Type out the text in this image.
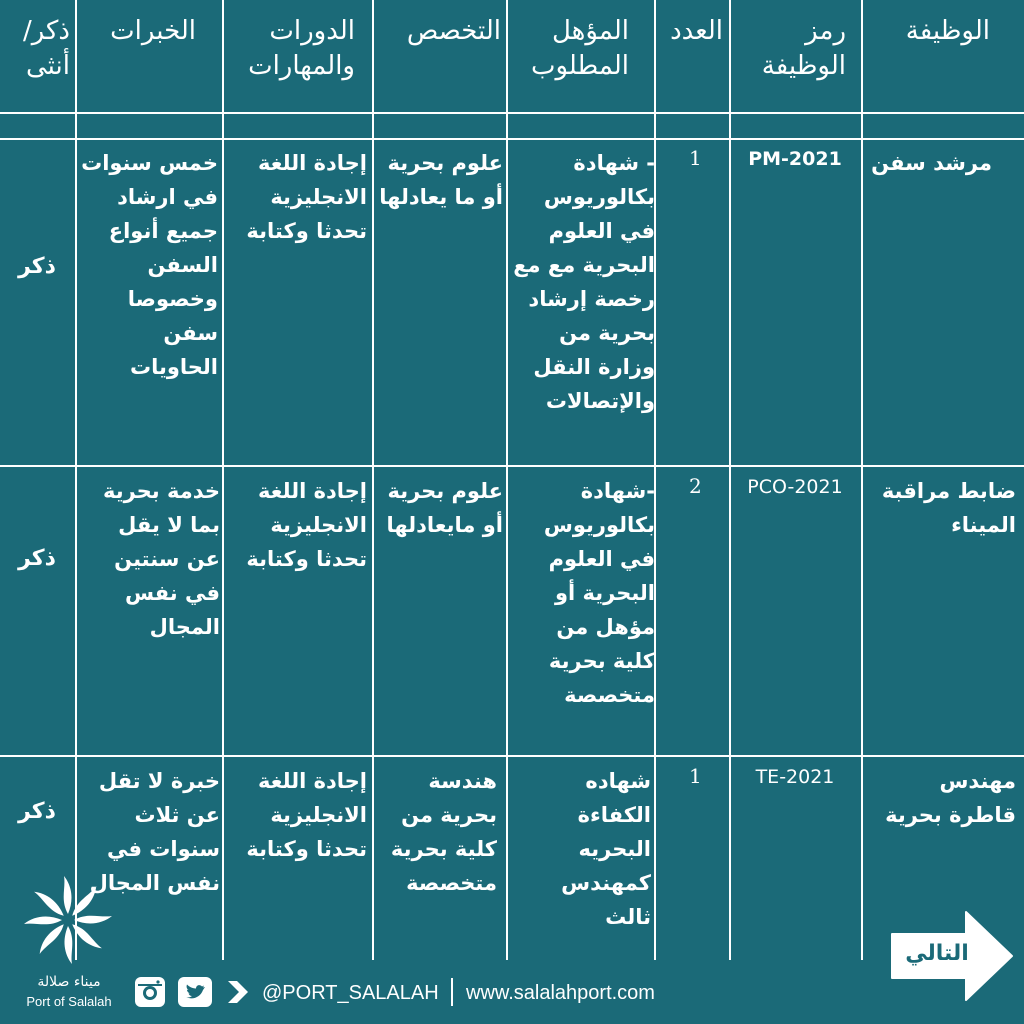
الوظيفة
رمز الوظيفة
العدد
المؤهل المطلوب
التخصص
الدورات والمهارات
الخبرات
ذكر/ أنثى
مرشد سفن
PM-2021
1
- شهادة بكالوريوس في العلوم البحرية مع مع رخصة إرشاد بحرية من وزارة النقل والإتصالات
علوم بحرية أو ما يعادلها
إجادة اللغة الانجليزية تحدثا وكتابة
خمس سنوات في ارشاد جميع أنواع السفن وخصوصا سفن الحاويات
ذكر
ضابط مراقبة الميناء
PCO-2021
2
-شهادة بكالوريوس في العلوم البحرية أو مؤهل من كلية بحرية متخصصة
علوم بحرية أو مايعادلها
إجادة اللغة الانجليزية تحدثا وكتابة
خدمة بحرية بما لا يقل عن سنتين في نفس المجال
ذكر
مهندس قاطرة بحرية
TE-2021
1
شهاده الكفاءة البحريه كمهندس ثالث
هندسة بحرية من كلية بحرية متخصصة
إجادة اللغة الانجليزية تحدثا وكتابة
خبرة لا تقل عن ثلاث سنوات في نفس المجال
ذكر
ميناء صلالة
Port of Salalah	@PORT_SALALAH www.salalahport.com
التالي
